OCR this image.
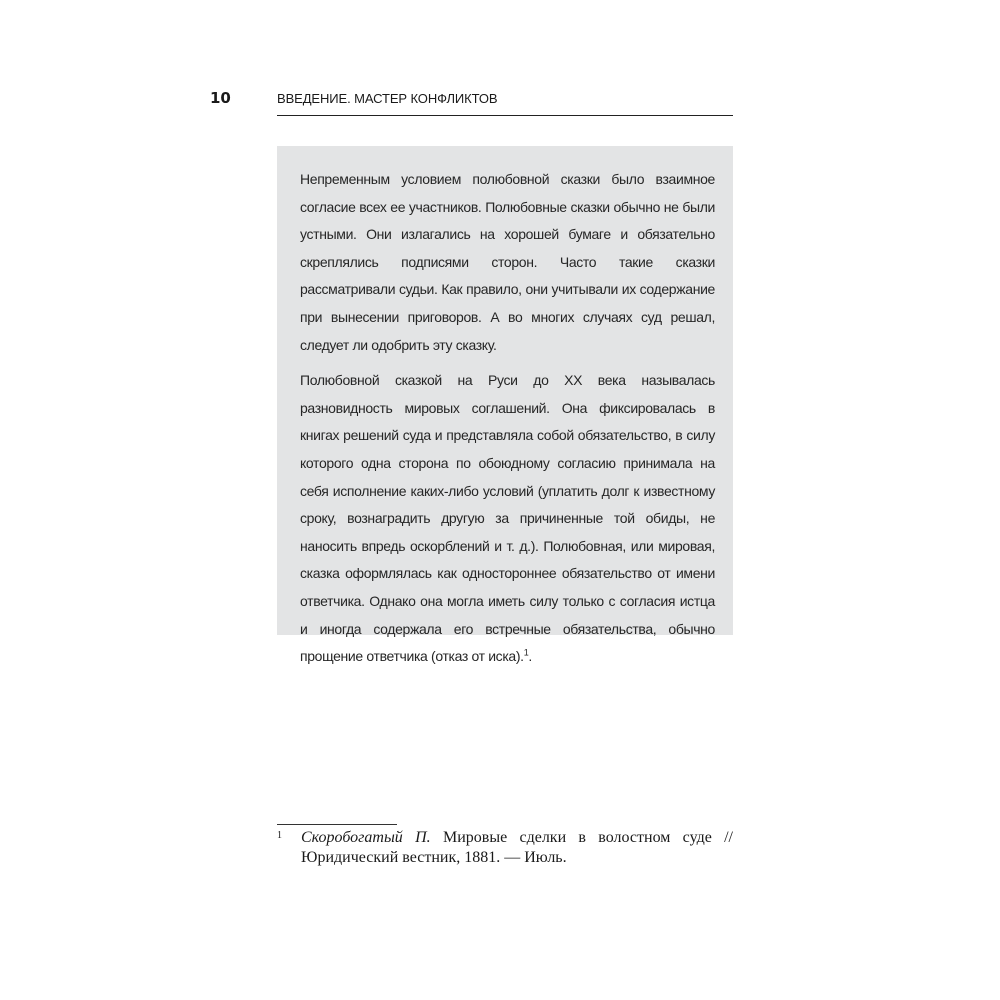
10	ВВЕДЕНИЕ. МАСТЕР КОНФЛИКТОВ

Непременным условием полюбовной сказки было взаимное согласие всех ее участников. Полюбовные сказки обычно не были устными. Они излагались на хорошей бумаге и обязательно скреплялись подписями сторон. Часто такие сказки рассматривали судьи. Как правило, они учитывали их содержание при вынесении приговоров. А во многих случаях суд решал, следует ли одобрить эту сказку.

Полюбовной сказкой на Руси до XX века называлась разновидность мировых соглашений. Она фиксировалась в книгах решений суда и представляла собой обязательство, в силу которого одна сторона по обоюдному согласию принимала на себя исполнение каких-либо условий (уплатить долг к известному сроку, вознаградить другую за причиненные той обиды, не наносить впредь оскорблений и т. д.). Полюбовная, или мировая, сказка оформлялась как одностороннее обязательство от имени ответчика. Однако она могла иметь силу только с согласия истца и иногда содержала его встречные обязательства, обычно прощение ответчика (отказ от иска).$^1$.

1 Скоробогатый П. Мировые сделки в волостном суде // Юридический вестник, 1881. — Июль.
